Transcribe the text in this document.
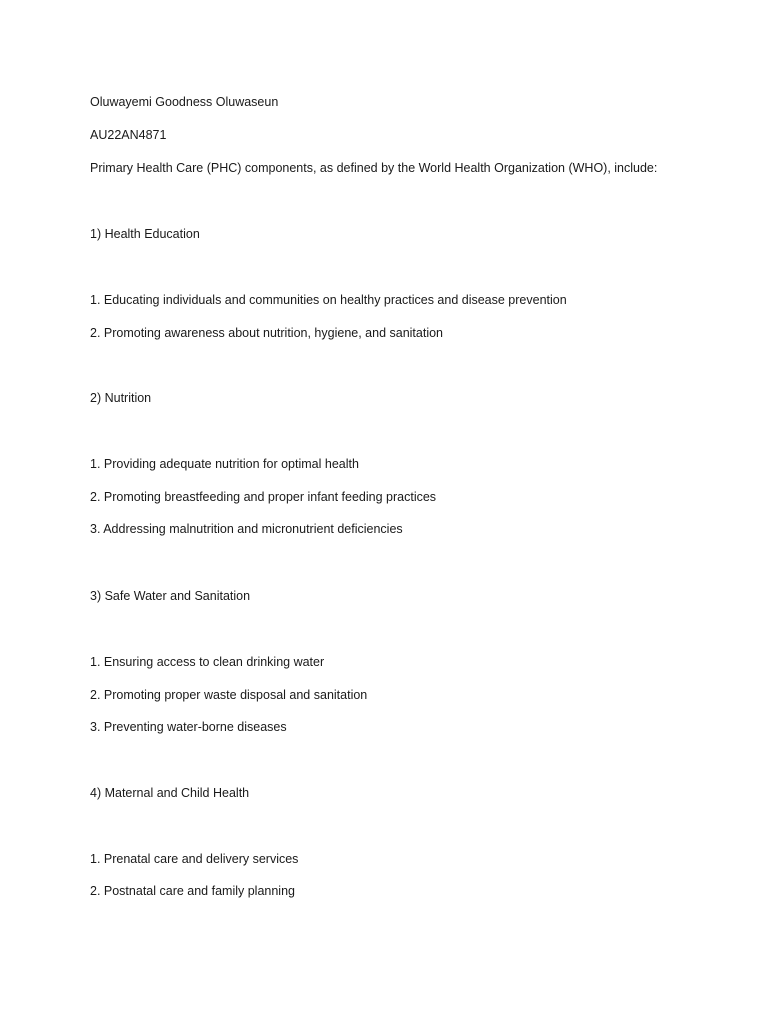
Oluwayemi Goodness Oluwaseun
AU22AN4871
Primary Health Care (PHC) components, as defined by the World Health Organization (WHO), include:
1) Health Education
1. Educating individuals and communities on healthy practices and disease prevention
2. Promoting awareness about nutrition, hygiene, and sanitation
2) Nutrition
1. Providing adequate nutrition for optimal health
2. Promoting breastfeeding and proper infant feeding practices
3. Addressing malnutrition and micronutrient deficiencies
3) Safe Water and Sanitation
1. Ensuring access to clean drinking water
2. Promoting proper waste disposal and sanitation
3. Preventing water-borne diseases
4) Maternal and Child Health
1. Prenatal care and delivery services
2. Postnatal care and family planning
